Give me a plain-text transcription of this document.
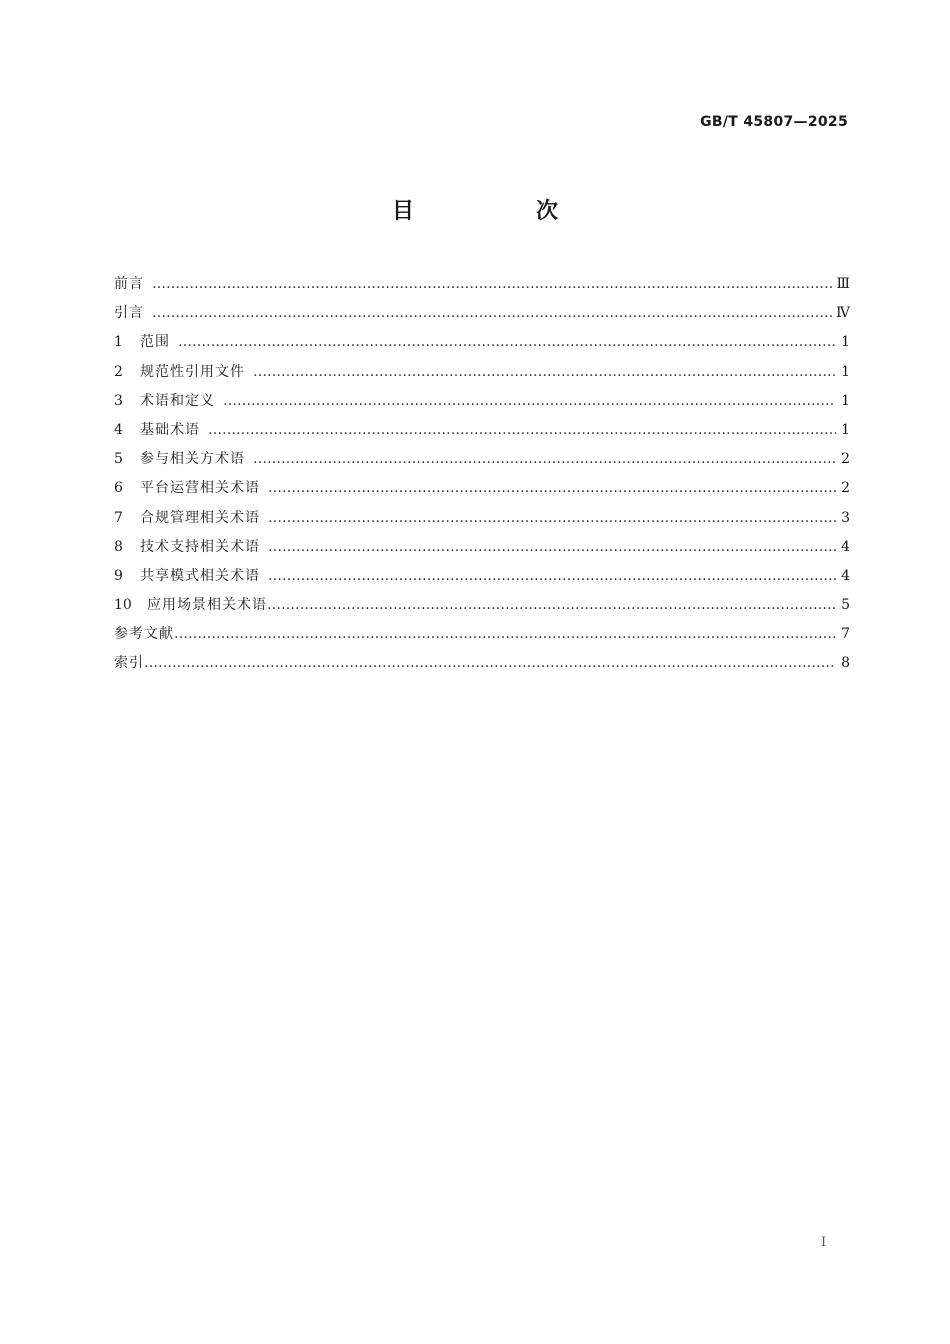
GB/T 45807—2025
目　次
前言 …………………………………………………………………………………………………………………………………………………………………………………………………………………………………………	Ⅲ
引言 …………………………………………………………………………………………………………………………………………………………………………………………………………………………………………	Ⅳ
1	范围 …………………………………………………………………………………………………………………………………………………………………………………………………………………………………………	1
2	规范性引用文件 …………………………………………………………………………………………………………………………………………………………………………………………………………………………………………	1
3	术语和定义 …………………………………………………………………………………………………………………………………………………………………………………………………………………………………………	1
4	基础术语 …………………………………………………………………………………………………………………………………………………………………………………………………………………………………………	1
5	参与相关方术语 …………………………………………………………………………………………………………………………………………………………………………………………………………………………………………	2
6	平台运营相关术语 …………………………………………………………………………………………………………………………………………………………………………………………………………………………………………	2
7	合规管理相关术语 …………………………………………………………………………………………………………………………………………………………………………………………………………………………………………	3
8	技术支持相关术语 …………………………………………………………………………………………………………………………………………………………………………………………………………………………………………	4
9	共享模式相关术语 …………………………………………………………………………………………………………………………………………………………………………………………………………………………………………	4
10	应用场景相关术语 …………………………………………………………………………………………………………………………………………………………………………………………………………………………………………	5
参考文献 …………………………………………………………………………………………………………………………………………………………………………………………………………………………………………	7
索引 …………………………………………………………………………………………………………………………………………………………………………………………………………………………………………	8
I
